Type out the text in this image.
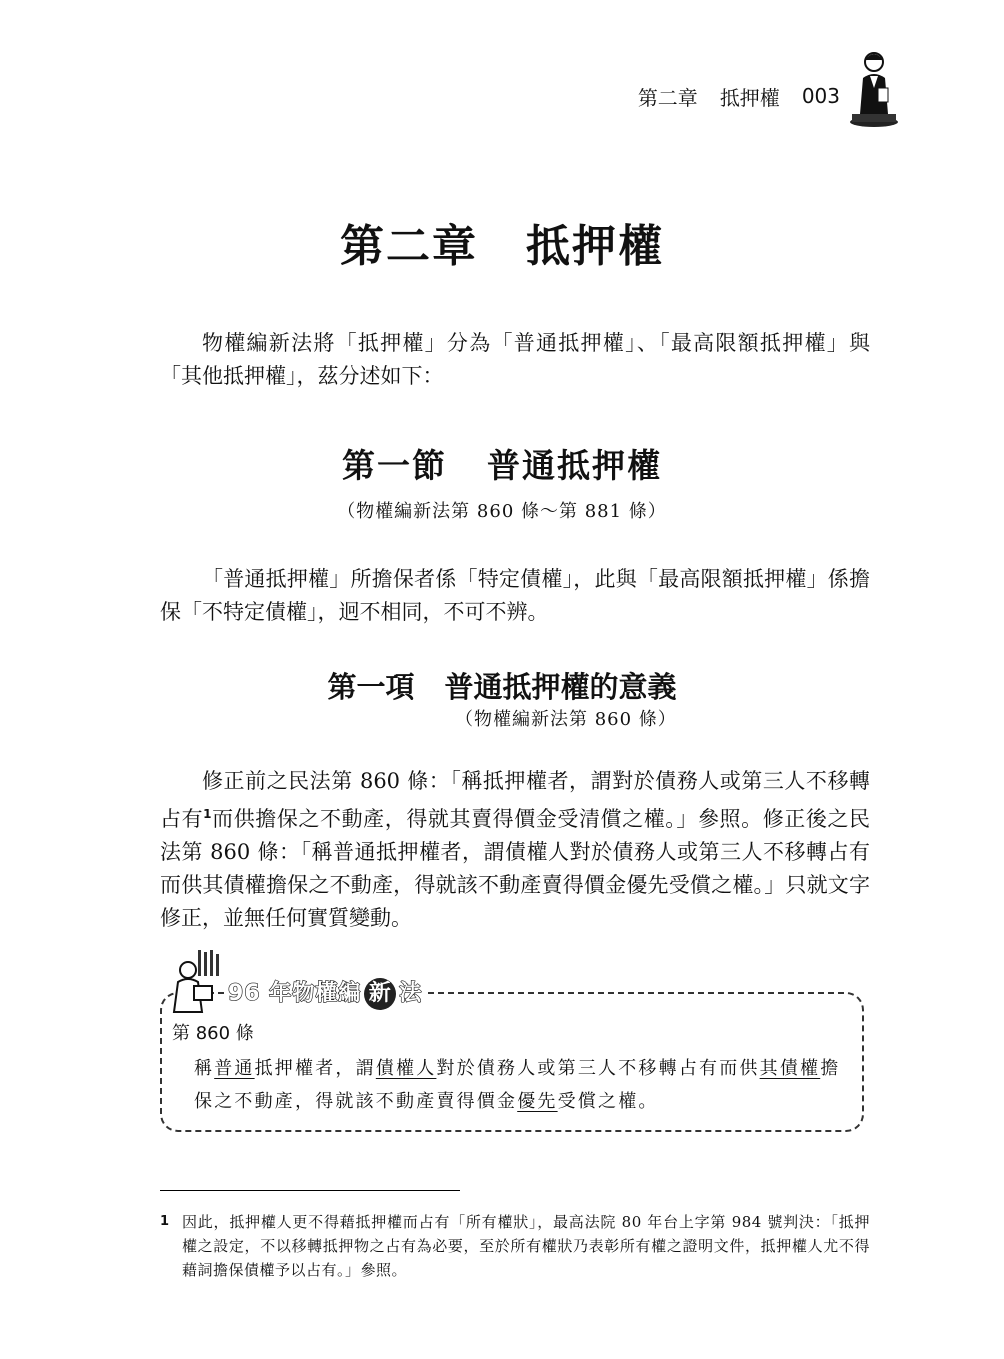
第二章 抵押權 003
第二章 抵押權

物權編新法將「抵押權」分為「普通抵押權」、「最高限額抵押權」與「其他抵押權」，茲分述如下：

第一節 普通抵押權
（物權編新法第 860 條～第 881 條）

「普通抵押權」所擔保者係「特定債權」，此與「最高限額抵押權」係擔保「不特定債權」，迥不相同，不可不辨。

第一項 普通抵押權的意義
（物權編新法第 860 條）

修正前之民法第 860 條：「稱抵押權者，謂對於債務人或第三人不移轉占有$^1$而供擔保之不動產，得就其賣得價金受清償之權。」參照。修正後之民法第 860 條：「稱普通抵押權者，謂債權人對於債務人或第三人不移轉占有而供其債權擔保之不動產，得就該不動產賣得價金優先受償之權。」只就文字修正，並無任何實質變動。

96 年物權編 新 法
第 860 條
稱普通抵押權者，謂債權人對於債務人或第三人不移轉占有而供其債權擔保之不動產，得就該不動產賣得價金優先受償之權。
1 因此，抵押權人更不得藉抵押權而占有「所有權狀」，最高法院 80 年台上字第 984 號判決：「抵押權之設定，不以移轉抵押物之占有為必要，至於所有權狀乃表彰所有權之證明文件，抵押權人尤不得藉詞擔保債權予以占有。」參照。
